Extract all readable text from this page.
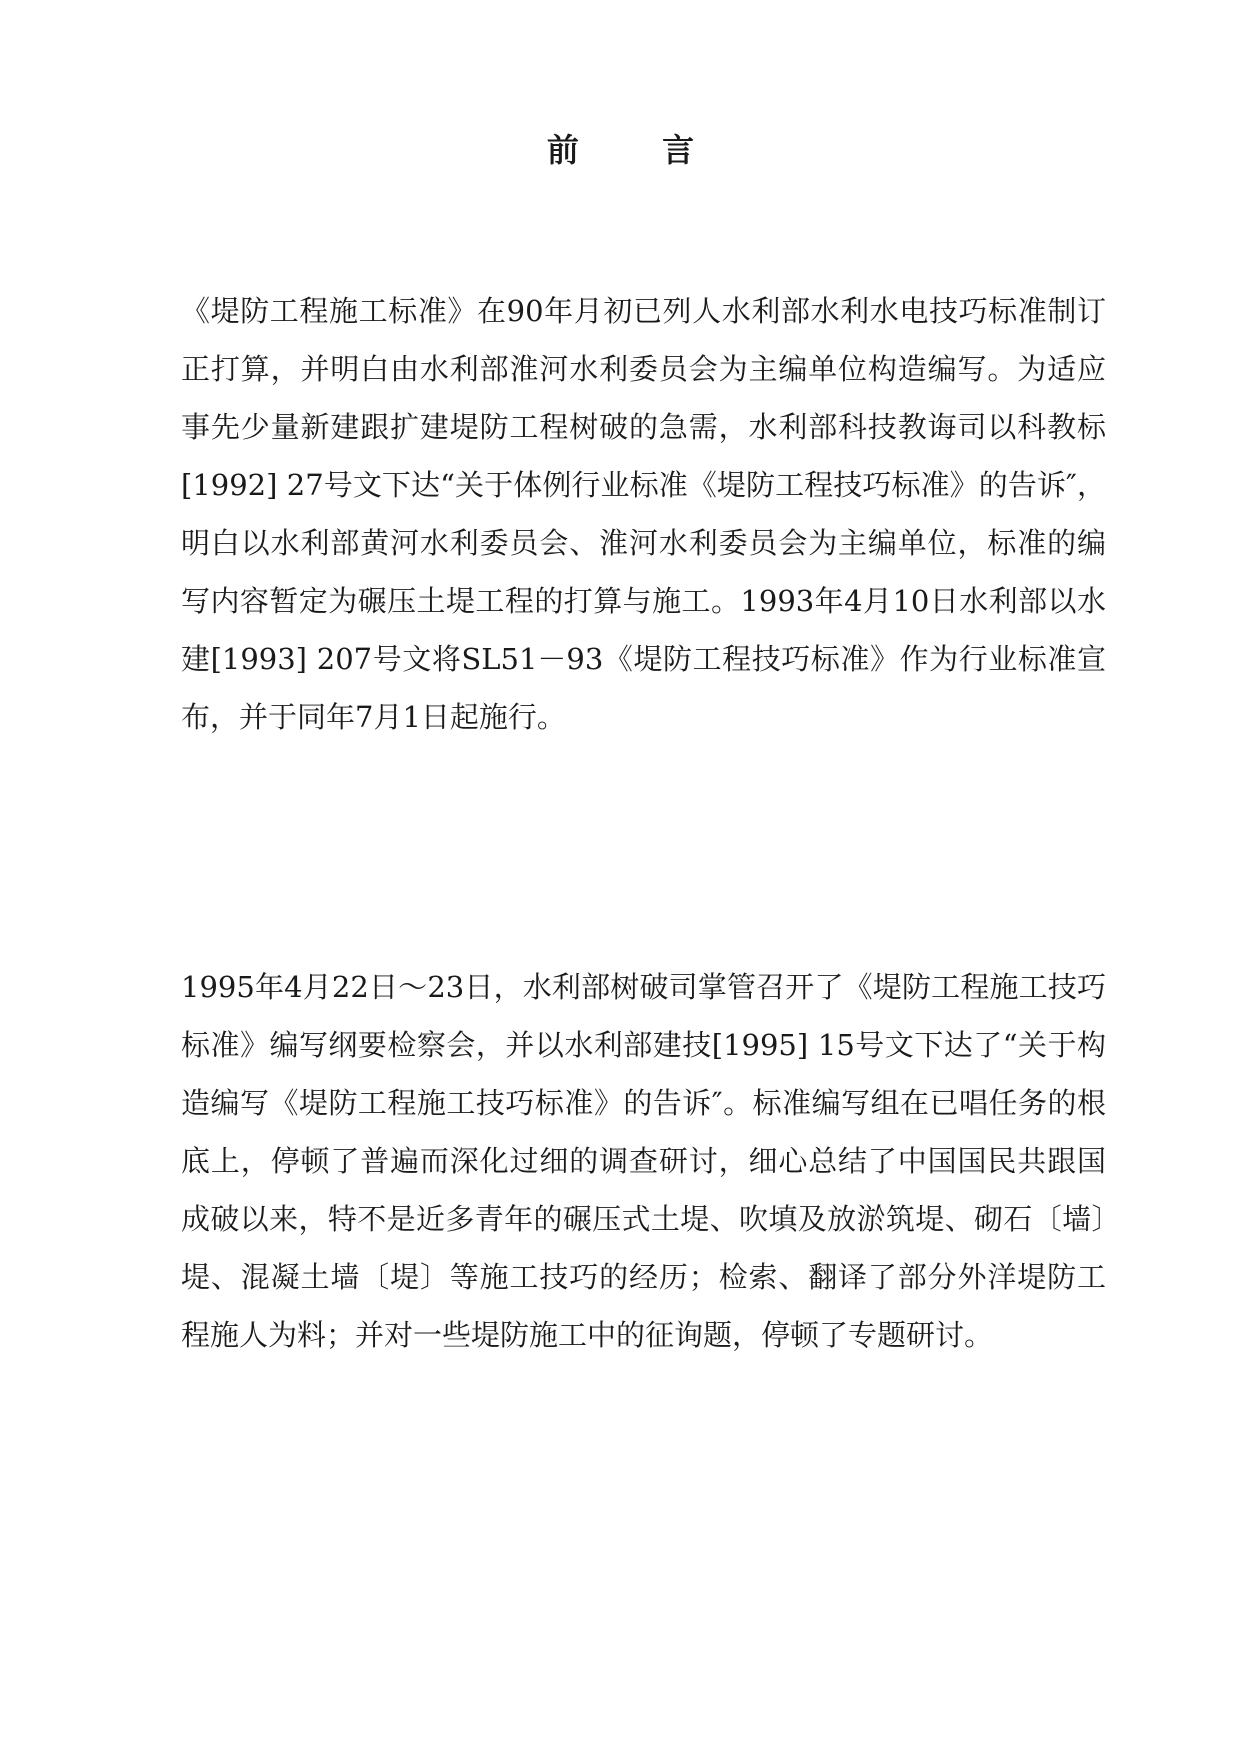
前 言

《堤防工程施工标准》在90年月初已列人水利部水利水电技巧标准制订正打算，并明白由水利部淮河水利委员会为主编单位构造编写。为适应事先少量新建跟扩建堤防工程树破的急需，水利部科技教诲司以科教标[1992] 27号文下达“关于体例行业标准《堤防工程技巧标准》的告诉″，明白以水利部黄河水利委员会、淮河水利委员会为主编单位，标准的编写内容暂定为碾压土堤工程的打算与施工。1993年4月10日水利部以水建[1993] 207号文将SL51－93《堤防工程技巧标准》作为行业标准宣布，并于同年7月1日起施行。

1995年4月22日～23日，水利部树破司掌管召开了《堤防工程施工技巧标准》编写纲要检察会，并以水利部建技[1995] 15号文下达了“关于构造编写《堤防工程施工技巧标准》的告诉″。标准编写组在已唱任务的根底上，停顿了普遍而深化过细的调查研讨，细心总结了中国国民共跟国成破以来，特不是近多青年的碾压式土堤、吹填及放淤筑堤、砌石〔墙〕堤、混凝土墙〔堤〕等施工技巧的经历；检索、翻译了部分外洋堤防工程施人为料；并对一些堤防施工中的征询题，停顿了专题研讨。
